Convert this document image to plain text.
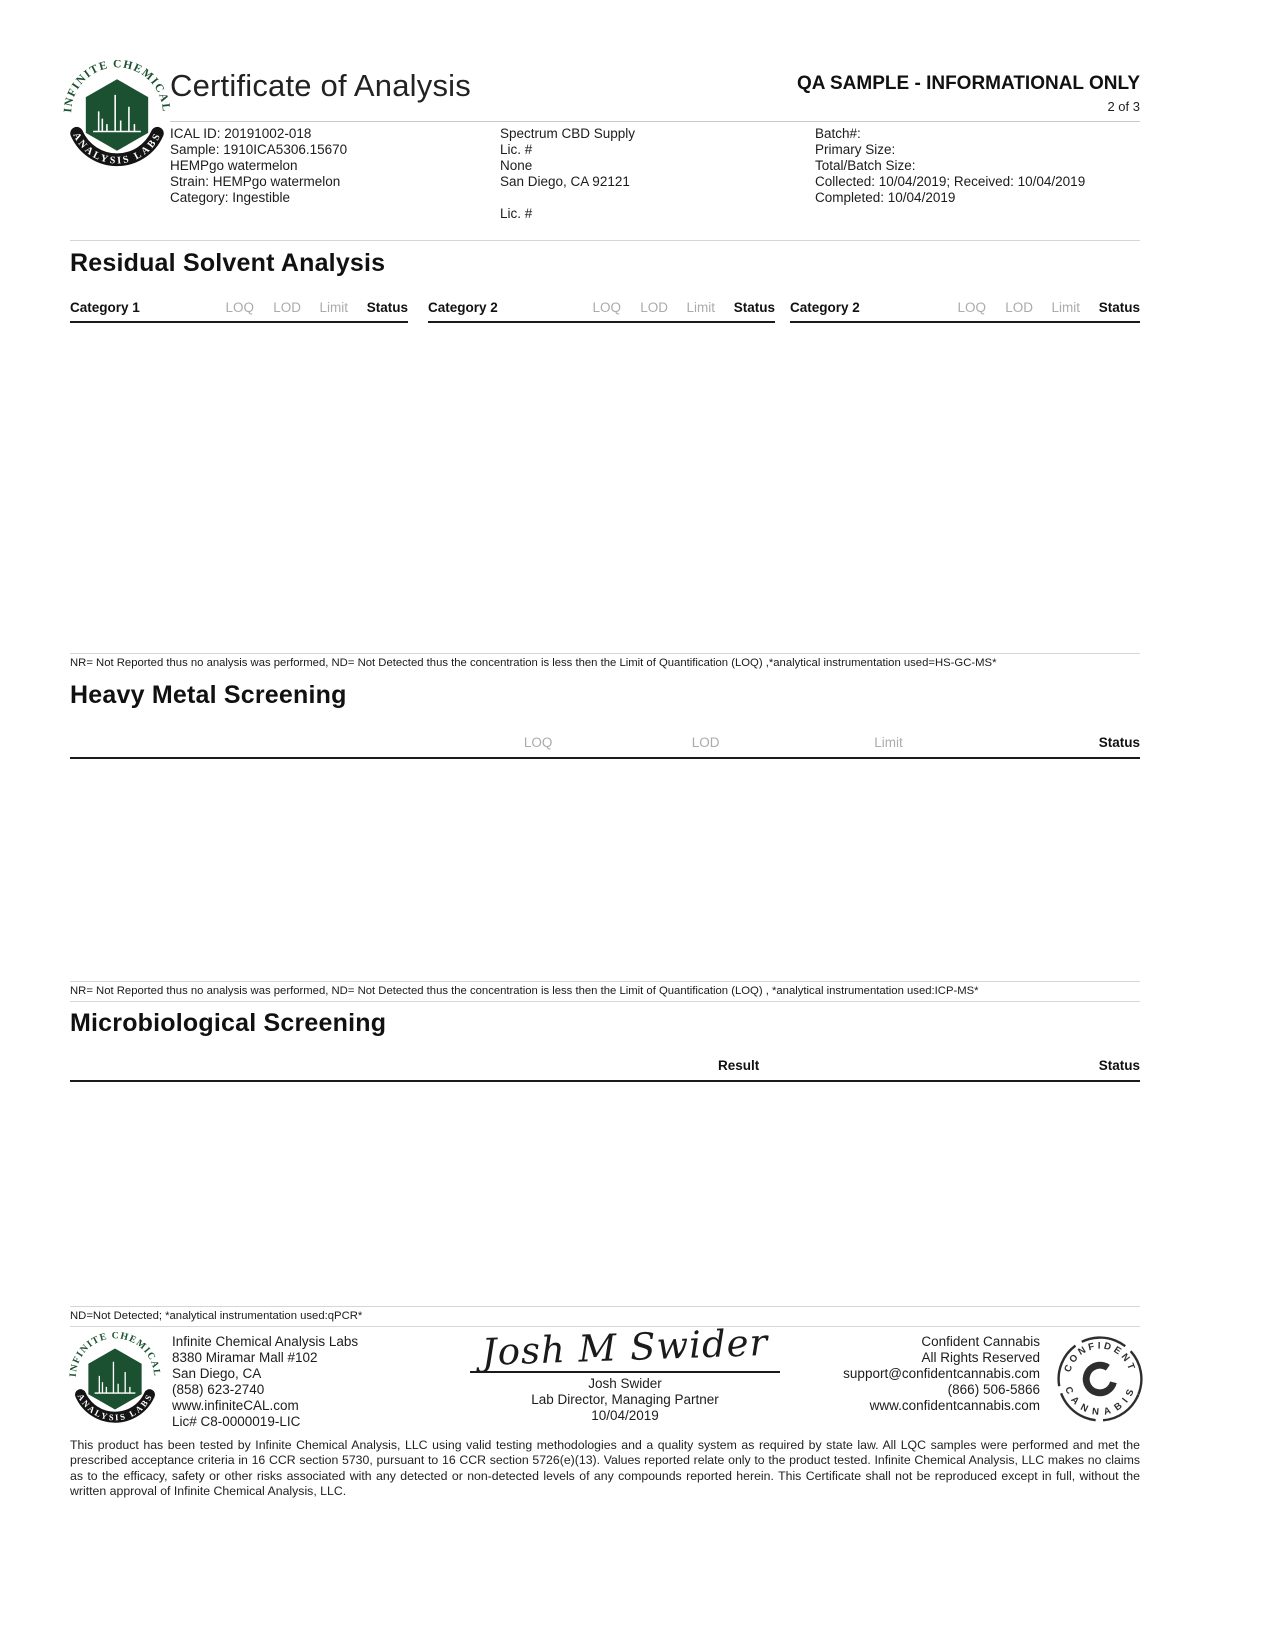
Certificate of Analysis	QA SAMPLE - INFORMATIONAL ONLY
2 of 3
ICAL ID: 20191002-018
Sample: 1910ICA5306.15670
HEMPgo watermelon
Strain: HEMPgo watermelon
Category: Ingestible
Spectrum CBD Supply
Lic. #
None
San Diego, CA 92121
Lic. #
Batch#:
Primary Size:
Total/Batch Size:
Collected: 10/04/2019; Received: 10/04/2019
Completed: 10/04/2019
Residual Solvent Analysis
Category 1	LOQ	LOD	Limit	Status Category 2	LOQ	LOD	Limit	Status Category 2	LOQ	LOD	Limit	Status
NR= Not Reported thus no analysis was performed, ND= Not Detected thus the concentration is less then the Limit of Quantification (LOQ) ,*analytical instrumentation used=HS-GC-MS*
Heavy Metal Screening
LOQ	LOD	Limit	Status
NR= Not Reported thus no analysis was performed, ND= Not Detected thus the concentration is less then the Limit of Quantification (LOQ) , *analytical instrumentation used:ICP-MS*
Microbiological Screening
Result	Status
ND=Not Detected; *analytical instrumentation used:qPCR*
Infinite Chemical Analysis Labs
8380 Miramar Mall #102
San Diego, CA
(858) 623-2740
www.infiniteCAL.com
Lic# C8-0000019-LIC
Josh M Swider
Josh Swider
Lab Director, Managing Partner
10/04/2019
Confident Cannabis
All Rights Reserved
support@confidentcannabis.com
(866) 506-5866
www.confidentcannabis.com
This product has been tested by Infinite Chemical Analysis, LLC using valid testing methodologies and a quality system as required by state law. All LQC samples were performed and met the prescribed acceptance criteria in 16 CCR section 5730, pursuant to 16 CCR section 5726(e)(13). Values reported relate only to the product tested. Infinite Chemical Analysis, LLC makes no claims as to the efficacy, safety or other risks associated with any detected or non-detected levels of any compounds reported herein. This Certificate shall not be reproduced except in full, without the written approval of Infinite Chemical Analysis, LLC.
